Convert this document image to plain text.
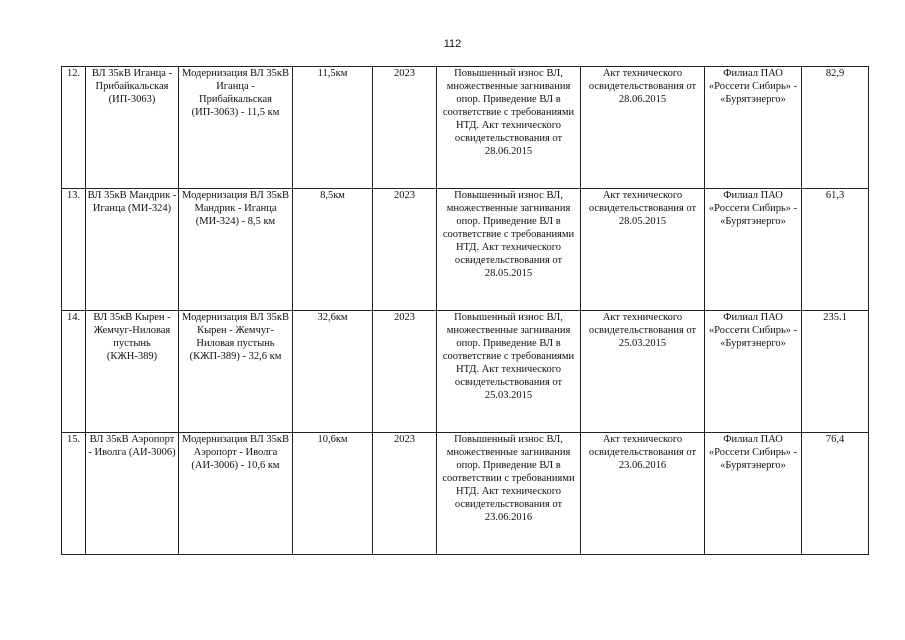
112
12.	ВЛ 35кВ Иганца - Прибайкальская (ИП-3063)	Модернизация ВЛ 35кВ Иганца - Прибайкальская (ИП-3063) - 11,5 км	11,5км	2023	Повышенный износ ВЛ, множественные загнивания опор. Приведение ВЛ в соответствие с требованиями НТД. Акт технического освидетельствования от 28.06.2015	Акт технического освидетельствования от 28.06.2015	Филиал ПАО «Россети Сибирь» - «Бурятэнерго»	82,9
13.	ВЛ 35кВ Мандрик - Иганца (МИ-324)	Модернизация ВЛ 35кВ Мандрик - Иганца (МИ-324) - 8,5 км	8,5км	2023	Повышенный износ ВЛ, множественные загнивания опор. Приведение ВЛ в соответствие с требованиями НТД. Акт технического освидетельствования от 28.05.2015	Акт технического освидетельствования от 28.05.2015	Филиал ПАО «Россети Сибирь» - «Бурятэнерго»	61,3
14.	ВЛ 35кВ Кырен - Жемчуг-Ниловая пустынь (КЖН-389)	Модернизация ВЛ 35кВ Кырен - Жемчуг-Ниловая пустынь (КЖП-389) - 32,6 км	32,6км	2023	Повышенный износ ВЛ, множественные загнивания опор. Приведение ВЛ в соответствие с требованиями НТД. Акт технического освидетельствования от 25.03.2015	Акт технического освидетельствования от 25.03.2015	Филиал ПАО «Россети Сибирь» - «Бурятэнерго»	235.1
15.	ВЛ 35кВ Аэропорт - Иволга (АИ-3006)	Модернизация ВЛ 35кВ Аэропорт - Иволга (АИ-3006) - 10,6 км	10,6км	2023	Повышенный износ ВЛ, множественные загнивания опор. Приведение ВЛ в соответствии с требованиями НТД. Акт технического освидетельствования от 23.06.2016	Акт технического освидетельствования от 23.06.2016	Филиал ПАО «Россети Сибирь» - «Бурятэнерго»	76,4
